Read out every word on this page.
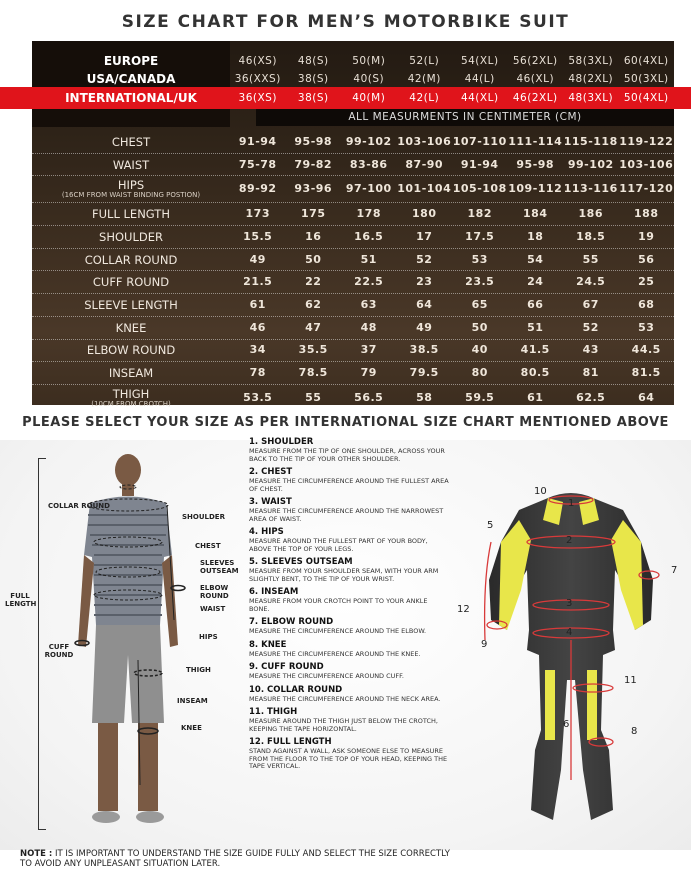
SIZE CHART FOR MEN’S MOTORBIKE SUIT
EUROPE	46(XS)	48(S)	50(M)	52(L)	54(XL)	56(2XL)	58(3XL)	60(4XL)
USA/CANADA	36(XXS)	38(S)	40(S)	42(M)	44(L)	46(XL)	48(2XL)	50(3XL)
INTERNATIONAL/UK	36(XS)	38(S)	40(M)	42(L)	44(XL)	46(2XL)	48(3XL)	50(4XL)
ALL MEASURMENTS IN CENTIMETER (CM)
CHEST	91-94	95-98	99-102 103-106 107-110 111-114 115-118 119-122
WAIST	75-78	79-82	83-86	87-90	91-94	95-98	99-102 103-106
HIPS
(16CM FROM WAIST BINDING POSTION)	89-92	93-96	97-100 101-104 105-108 109-112 113-116 117-120
FULL LENGTH	173	175	178	180	182	184	186	188
SHOULDER	15.5	16	16.5	17	17.5	18	18.5	19
COLLAR ROUND	49	50	51	52	53	54	55	56
CUFF ROUND	21.5	22	22.5	23	23.5	24	24.5	25
SLEEVE LENGTH	61	62	63	64	65	66	67	68
KNEE	46	47	48	49	50	51	52	53
ELBOW ROUND	34	35.5	37	38.5	40	41.5	43	44.5
INSEAM	78	78.5	79	79.5	80	80.5	81	81.5
THIGH
(10CM FROM CROTCH)	53.5	55	56.5	58	59.5	61	62.5	64
PLEASE SELECT YOUR SIZE AS PER INTERNATIONAL SIZE CHART MENTIONED ABOVE
FULL LENGTH
COLLAR ROUND
SHOULDER
CHEST
SLEEVES OUTSEAM
ELBOW ROUND
WAIST
HIPS
CUFF ROUND
THIGH
INSEAM
KNEE
1. SHOULDER
MEASURE FROM THE TIP OF ONE SHOULDER, ACROSS YOUR BACK TO THE TIP OF YOUR OTHER SHOULDER.
2. CHEST
MEASURE THE CIRCUMFERENCE AROUND THE FULLEST AREA OF CHEST.
3. WAIST
MEASURE THE CIRCUMFERENCE AROUND THE NARROWEST AREA OF WAIST.
4. HIPS
MEASURE AROUND THE FULLEST PART OF YOUR BODY, ABOVE THE TOP OF YOUR LEGS.
5. SLEEVES OUTSEAM
MEASURE FROM YOUR SHOULDER SEAM, WITH YOUR ARM SLIGHTLY BENT, TO THE TIP OF YOUR WRIST.
6. INSEAM
MEASURE FROM YOUR CROTCH POINT TO YOUR ANKLE BONE.
7. ELBOW ROUND
MEASURE THE CIRCUMFERENCE AROUND THE ELBOW.
8. KNEE
MEASURE THE CIRCUMFERENCE AROUND THE KNEE.
9. CUFF ROUND
MEASURE THE CIRCUMFERENCE AROUND CUFF.
10. COLLAR ROUND
MEASURE THE CIRCUMFERENCE AROUND THE NECK AREA.
11. THIGH
MEASURE AROUND THE THIGH JUST BELOW THE CROTCH, KEEPING THE TAPE HORIZONTAL.
12. FULL LENGTH
STAND AGAINST A WALL, ASK SOMEONE ELSE TO MEASURE FROM THE FLOOR TO THE TOP OF YOUR HEAD, KEEPING THE TAPE VERTICAL.
1
2
3
4
5
6
7
8
9
10
11
12
NOTE : IT IS IMPORTANT TO UNDERSTAND THE SIZE GUIDE FULLY AND SELECT THE SIZE CORRECTLY TO AVOID ANY UNPLEASANT SITUATION LATER.
